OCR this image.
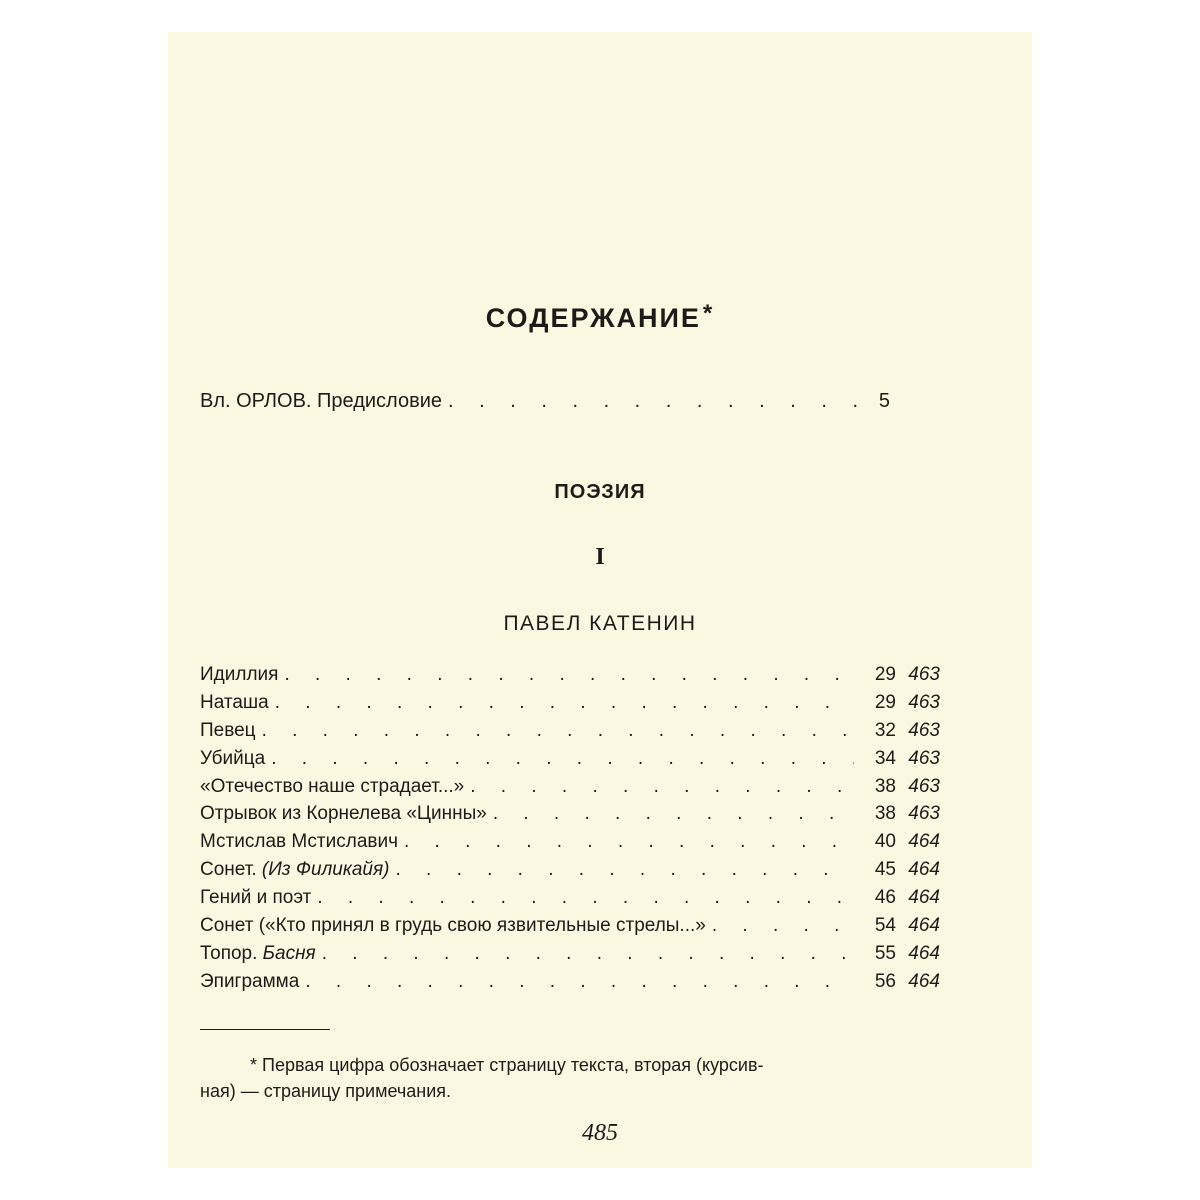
СОДЕРЖАНИЕ*
Вл. ОРЛОВ. Предисловие . . .	5
ПОЭЗИЯ
I
ПАВЕЛ КАТЕНИН
Идиллия . . .	29 463
Наташа . . .	29 463
Певец . . .	32 463
Убийца . . .	34 463
«Отечество наше страдает...» . . .	38 463
Отрывок из Корнелева «Цинны» . . .	38 463
Мстислав Мстиславич . . .	40 464
Сонет. (Из Филикайя) . . .	45 464
Гений и поэт . . .	46 464
Сонет («Кто принял в грудь свою язвительные стрелы...» . . .	54 464
Топор. Басня . . .	55 464
Эпиграмма . . .	56 464
* Первая цифра обозначает страницу текста, вторая (курсив-
ная) — страницу примечания.
485
